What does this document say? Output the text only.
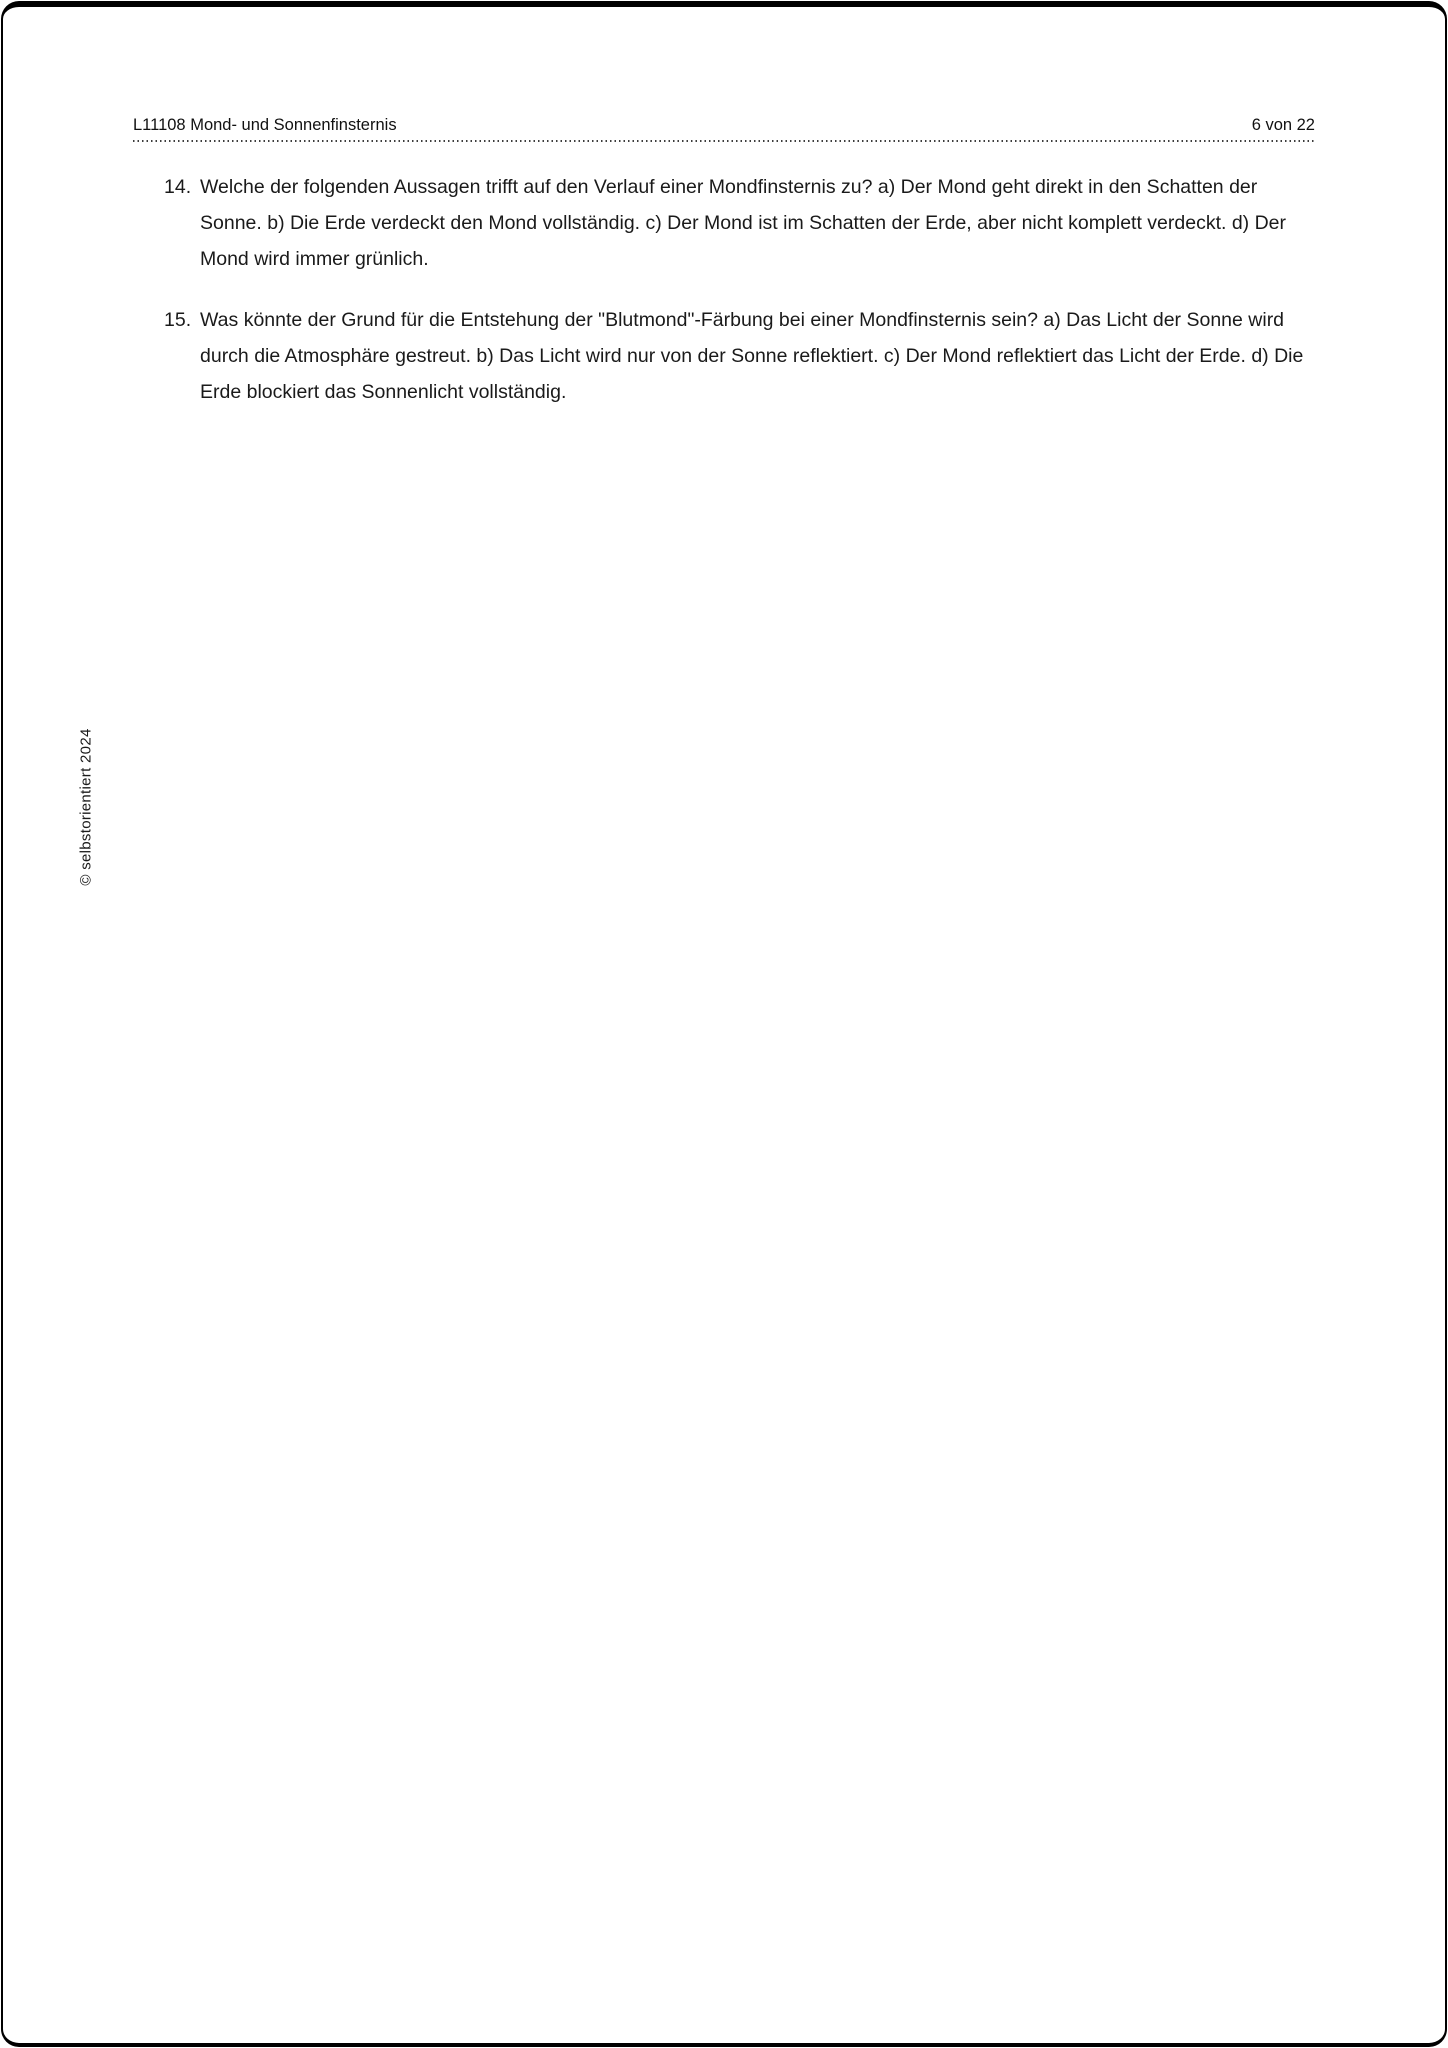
L11108 Mond- und Sonnenfinsternis	6 von 22
14. Welche der folgenden Aussagen trifft auf den Verlauf einer Mondfinsternis zu? a) Der Mond geht direkt in den Schatten der Sonne. b) Die Erde verdeckt den Mond vollständig. c) Der Mond ist im Schatten der Erde, aber nicht komplett verdeckt. d) Der Mond wird immer grünlich.
15. Was könnte der Grund für die Entstehung der "Blutmond"-Färbung bei einer Mondfinsternis sein? a) Das Licht der Sonne wird durch die Atmosphäre gestreut. b) Das Licht wird nur von der Sonne reflektiert. c) Der Mond reflektiert das Licht der Erde. d) Die Erde blockiert das Sonnenlicht vollständig.
© selbstorientiert 2024
